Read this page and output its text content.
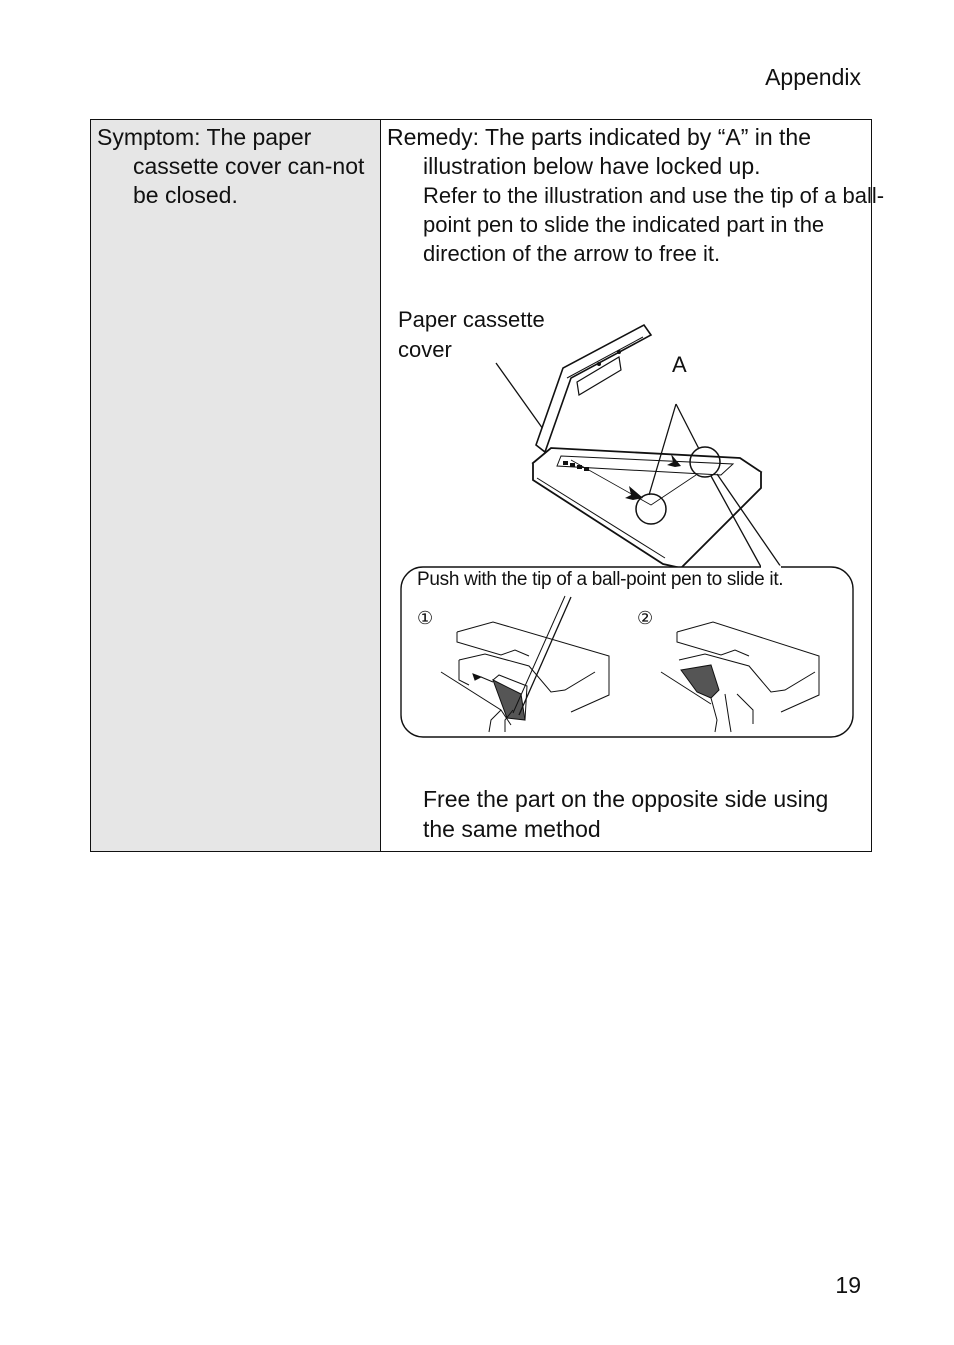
Appendix
Symptom: The paper cassette cover can-not be closed.
Remedy: The parts indicated by “A” in the illustration below have locked up.
Refer to the illustration and use the tip of a ball-point pen to slide the indicated part in the direction of the arrow to free it.
Paper cassette cover
A
Push with the tip of a ball-point pen to slide it.
①	②
Free the part on the opposite side using the same method
19
